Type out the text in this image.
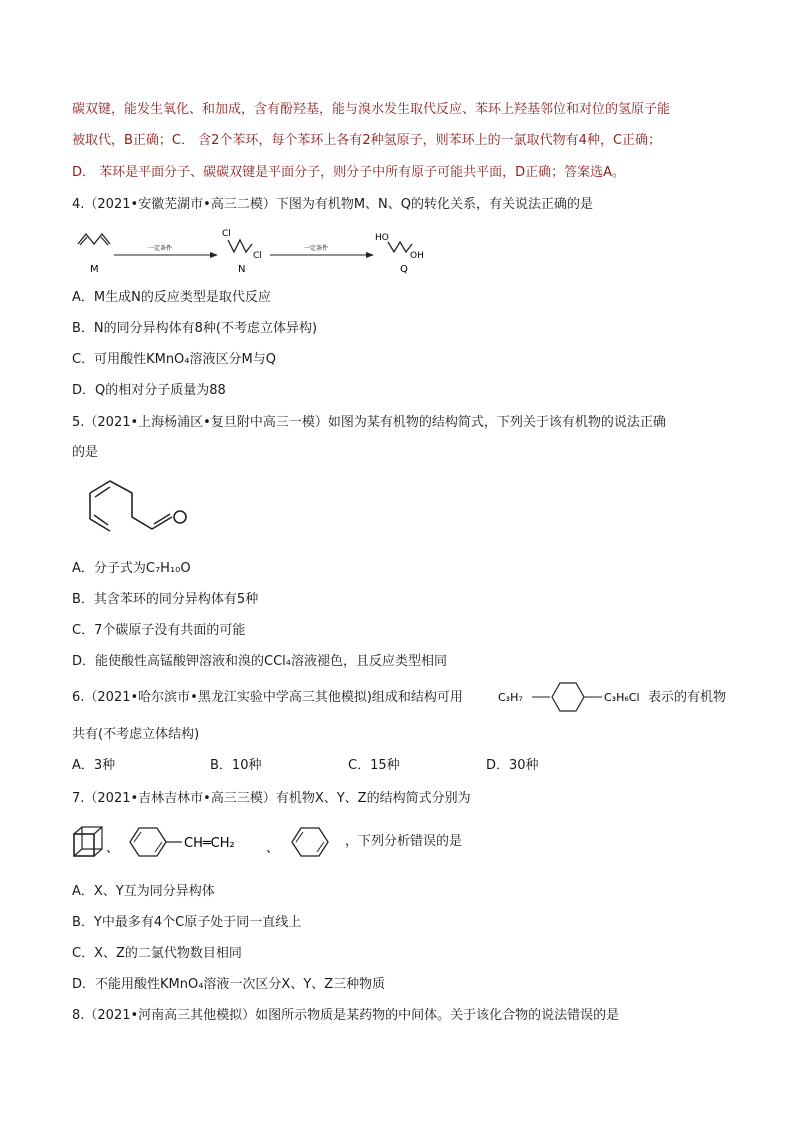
碳双键，能发生氧化、和加成，含有酚羟基，能与溴水发生取代反应、苯环上羟基邻位和对位的氢原子能
被取代，B正确；C． 含2个苯环，每个苯环上各有2种氢原子，则苯环上的一氯取代物有4种，C正确；
D． 苯环是平面分子、碳碳双键是平面分子，则分子中所有原子可能共平面，D正确；答案选A。
4.（2021•安徽芜湖市•高三二模）下图为有机物M、N、Q的转化关系，有关说法正确的是
M
一定条件
Cl
Cl
N
一定条件
HO
OH
Q
A．M生成N的反应类型是取代反应
B．N的同分异构体有8种(不考虑立体异构)
C．可用酸性KMnO₄溶液区分M与Q
D．Q的相对分子质量为88
5.（2021•上海杨浦区•复旦附中高三一模）如图为某有机物的结构简式，下列关于该有机物的说法正确
的是
A．分子式为C₇H₁₀O
B．其含苯环的同分异构体有5种
C．7个碳原子没有共面的可能
D．能使酸性高锰酸钾溶液和溴的CCl₄溶液褪色，且反应类型相同
6.（2021•哈尔滨市•黑龙江实验中学高三其他模拟)组成和结构可用	C₃H₇	C₃H₆Cl 表示的有机物
共有(不考虑立体结构)
A．3种	B．10种	C．15种	D．30种
7.（2021•吉林吉林市•高三三模）有机物X、Y、Z的结构简式分别为
、	CH═CH₂ 、	，下列分析错误的是
A．X、Y互为同分异构体
B．Y中最多有4个C原子处于同一直线上
C．X、Z的二氯代物数目相同
D．不能用酸性KMnO₄溶液一次区分X、Y、Z三种物质
8.（2021•河南高三其他模拟）如图所示物质是某药物的中间体。关于该化合物的说法错误的是
